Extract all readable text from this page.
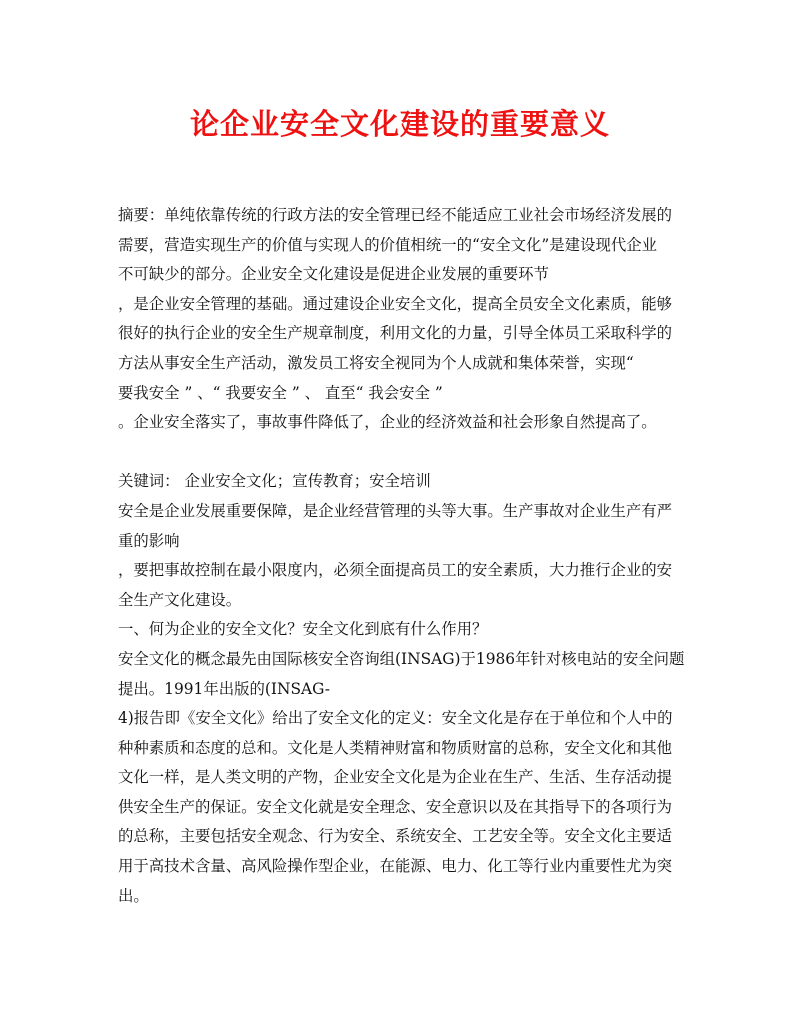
论企业安全文化建设的重要意义
摘要：单纯依靠传统的行政方法的安全管理已经不能适应工业社会市场经济发展的
需要，营造实现生产的价值与实现人的价值相统一的“安全文化”是建设现代企业
不可缺少的部分。企业安全文化建设是促进企业发展的重要环节
，是企业安全管理的基础。通过建设企业安全文化，提高全员安全文化素质，能够
很好的执行企业的安全生产规章制度，利用文化的力量，引导全体员工采取科学的
方法从事安全生产活动，激发员工将安全视同为个人成就和集体荣誉，实现“
要我安全 ” 、“ 我要安全 ” 、 直至“ 我会安全 ”
。企业安全落实了，事故事件降低了，企业的经济效益和社会形象自然提高了。
关键词： 企业安全文化；宣传教育；安全培训
安全是企业发展重要保障，是企业经营管理的头等大事。生产事故对企业生产有严
重的影响
，要把事故控制在最小限度内，必须全面提高员工的安全素质，大力推行企业的安
全生产文化建设。
一、何为企业的安全文化？安全文化到底有什么作用？
安全文化的概念最先由国际核安全咨询组(INSAG)于1986年针对核电站的安全问题
提出。1991年出版的(INSAG-
4)报告即《安全文化》给出了安全文化的定义：安全文化是存在于单位和个人中的
种种素质和态度的总和。文化是人类精神财富和物质财富的总称，安全文化和其他
文化一样，是人类文明的产物，企业安全文化是为企业在生产、生活、生存活动提
供安全生产的保证。安全文化就是安全理念、安全意识以及在其指导下的各项行为
的总称，主要包括安全观念、行为安全、系统安全、工艺安全等。安全文化主要适
用于高技术含量、高风险操作型企业，在能源、电力、化工等行业内重要性尤为突
出。
